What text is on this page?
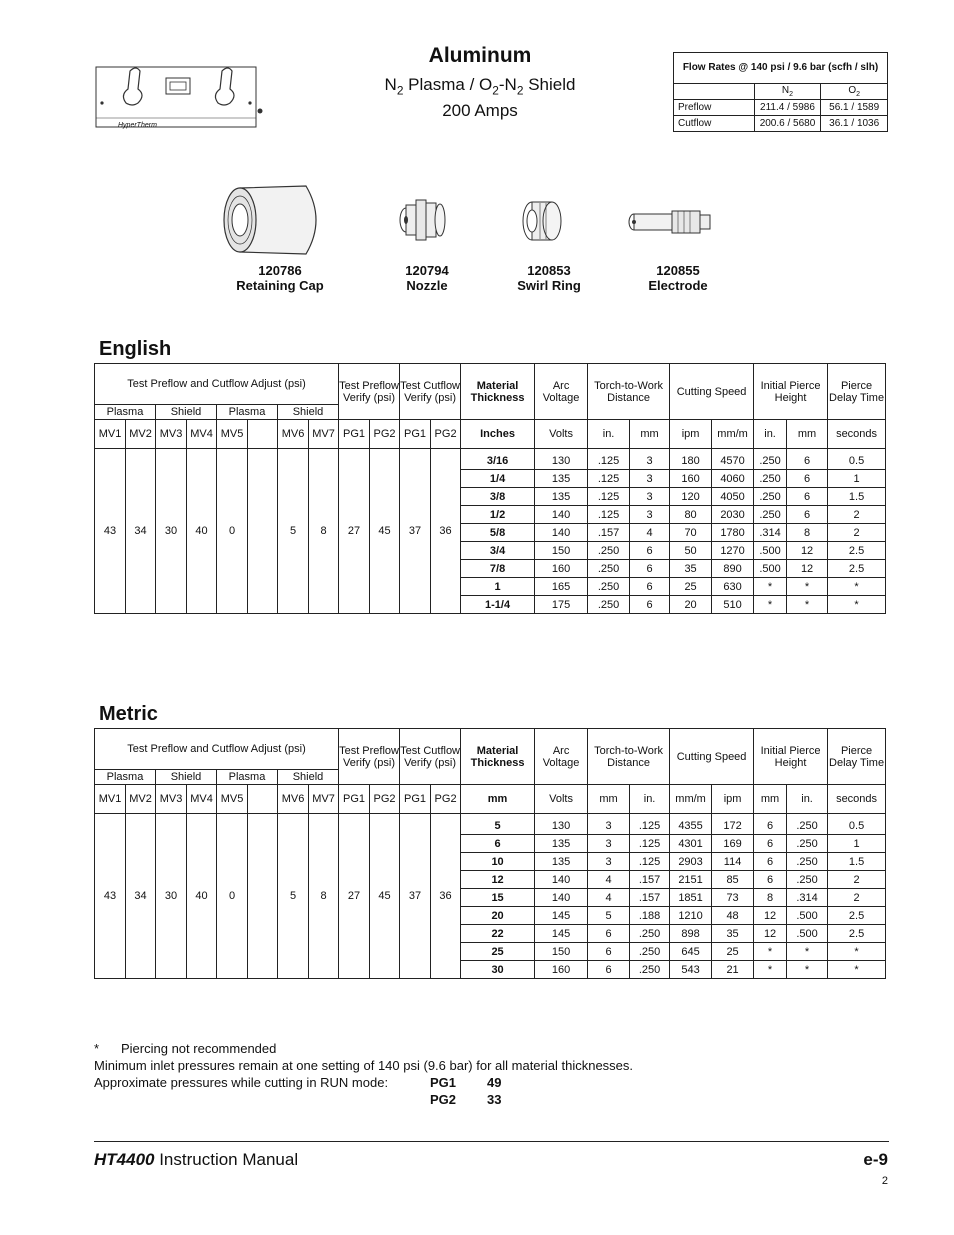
HyperTherm
Aluminum
$N_2$ Plasma / $O_2-N_2$ Shield
200 Amps
Flow Rates @ 140 psi / 9.6 bar (scfh / slh)		
	$N_2$	$O_2$
Preflow	211.4 / 5986	56.1 / 1589
Cutflow	200.6 / 5680	36.1 / 1036
120786
Retaining Cap
120794
Nozzle
120853
Swirl Ring
120855
Electrode
English
Test Preflow and Cutflow Adjust (psi)								Test Preflow Verify (psi)		Test Cutflow Verify (psi)		Material Thickness	Arc Voltage	Torch-to-Work Distance		Cutting Speed		Initial Pierce Height		Pierce Delay Time
Plasma		Shield		Plasma		Shield														
MV1	MV2	MV3	MV4	MV5		MV6	MV7	PG1	PG2	PG1	PG2	Inches	Volts	in.	mm	ipm	mm/m	in.	mm	seconds
43	34	30	40	0		5	8	27	45	37	36	3/16	130	.125	3	180	4570	.250	6	0.5
												1/4	135	.125	3	160	4060	.250	6	1
												3/8	135	.125	3	120	4050	.250	6	1.5
												1/2	140	.125	3	80	2030	.250	6	2
												5/8	140	.157	4	70	1780	.314	8	2
												3/4	150	.250	6	50	1270	.500	12	2.5
												7/8	160	.250	6	35	890	.500	12	2.5
												1	165	.250	6	25	630	*	*	*
												1-1/4	175	.250	6	20	510	*	*	*
Metric
Test Preflow and Cutflow Adjust (psi)								Test Preflow Verify (psi)		Test Cutflow Verify (psi)		Material Thickness	Arc Voltage	Torch-to-Work Distance		Cutting Speed		Initial Pierce Height		Pierce Delay Time
Plasma		Shield		Plasma		Shield														
MV1	MV2	MV3	MV4	MV5		MV6	MV7	PG1	PG2	PG1	PG2	mm	Volts	mm	in.	mm/m	ipm	mm	in.	seconds
43	34	30	40	0		5	8	27	45	37	36	5	130	3	.125	4355	172	6	.250	0.5
												6	135	3	.125	4301	169	6	.250	1
												10	135	3	.125	2903	114	6	.250	1.5
												12	140	4	.157	2151	85	6	.250	2
												15	140	4	.157	1851	73	8	.314	2
												20	145	5	.188	1210	48	12	.500	2.5
												22	145	6	.250	898	35	12	.500	2.5
												25	150	6	.250	645	25	*	*	*
												30	160	6	.250	543	21	*	*	*
* Piercing not recommended
Minimum inlet pressures remain at one setting of 140 psi (9.6 bar) for all material thicknesses.
Approximate pressures while cutting in RUN mode:	PG1 49
PG2 33
HT4400 Instruction Manual	e-9
2
